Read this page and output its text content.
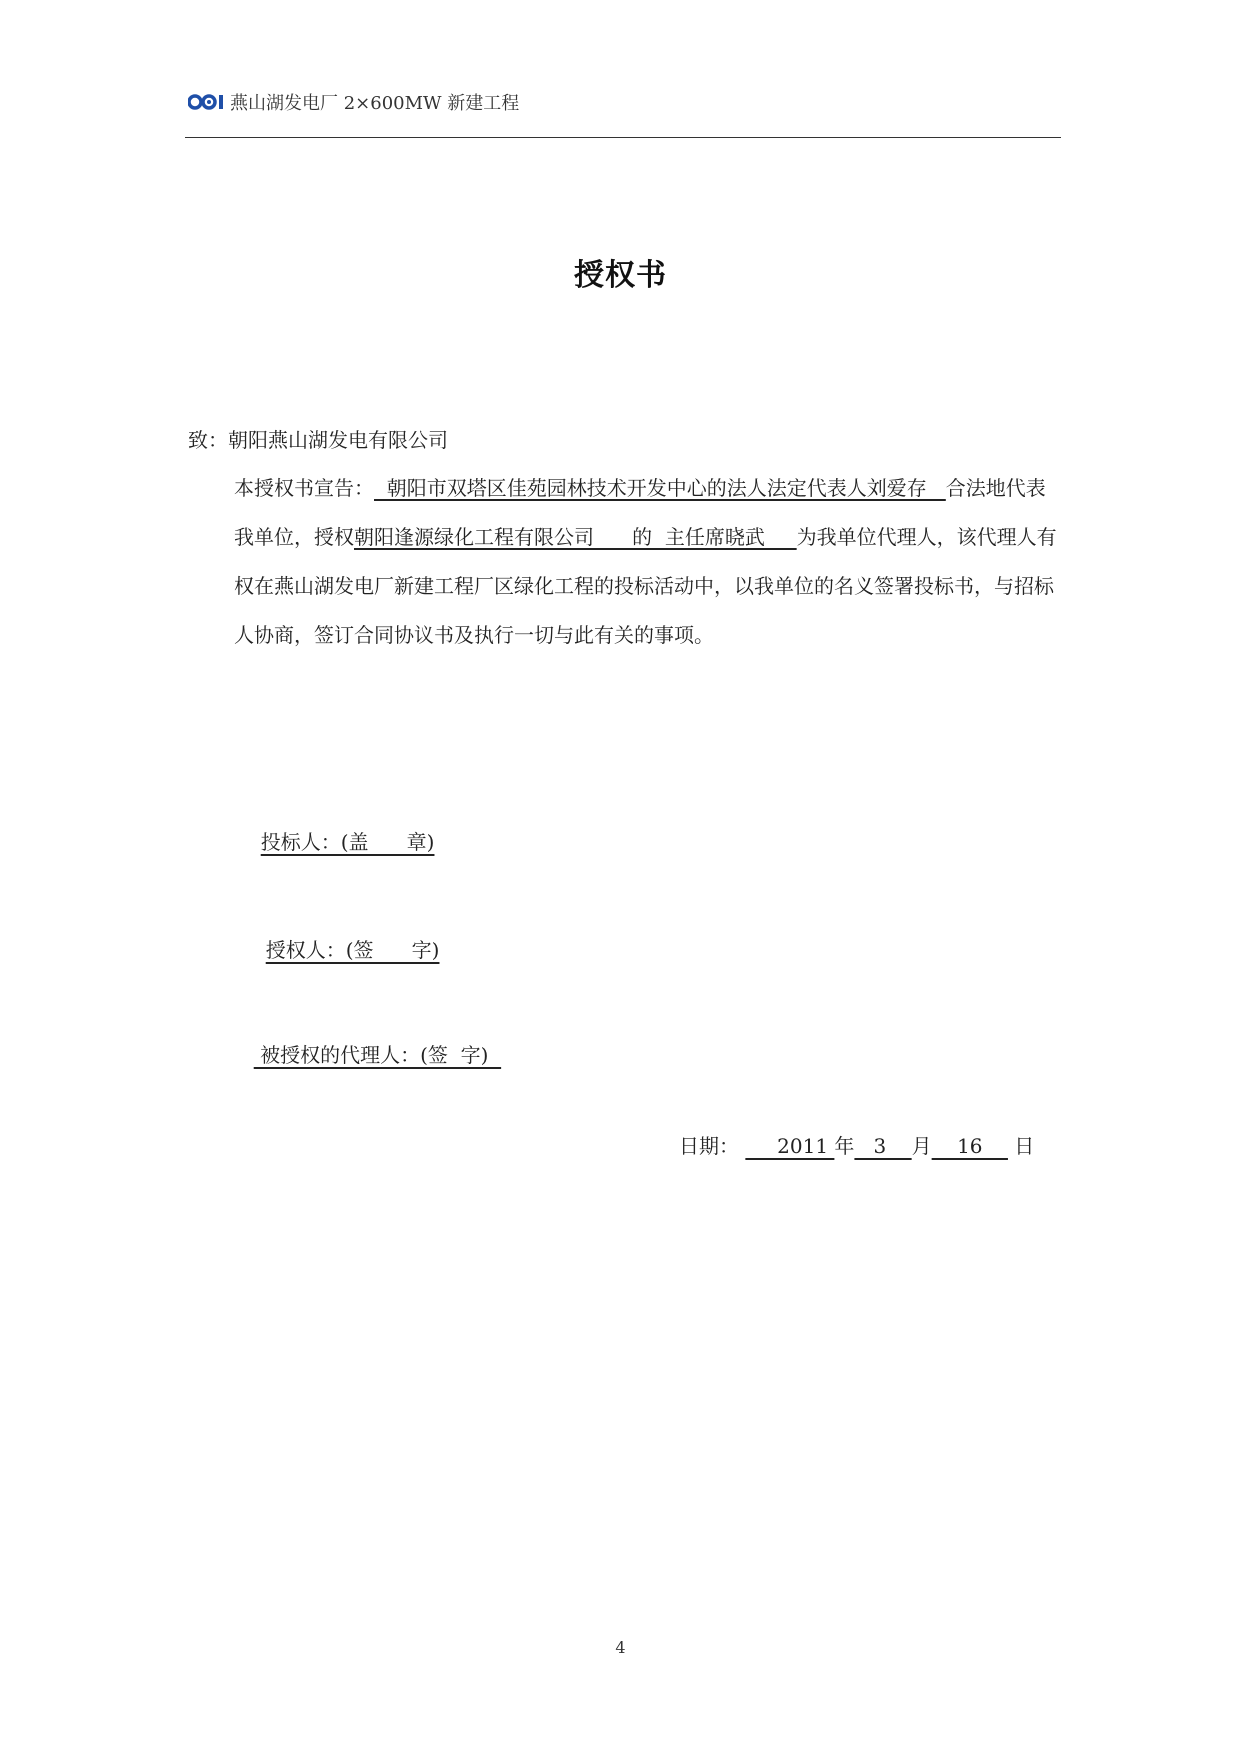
燕山湖发电厂 2×600MW 新建工程
授权书
致：朝阳燕山湖发电有限公司

本授权书宣告：  朝阳市双塔区佳苑园林技术开发中心的法人法定代表人刘爱存   合法地代表我单位，授权朝阳逢源绿化工程有限公司      的  主任席晓武     为我单位代理人，该代理人有权在燕山湖发电厂新建工程厂区绿化工程的投标活动中，以我单位的名义签署投标书，与招标人协商，签订合同协议书及执行一切与此有关的事项。

投标人：(盖      章)

授权人：(签      字)

被授权的代理人：(签  字)

日期：      2011 年   3    月    16     日
4
